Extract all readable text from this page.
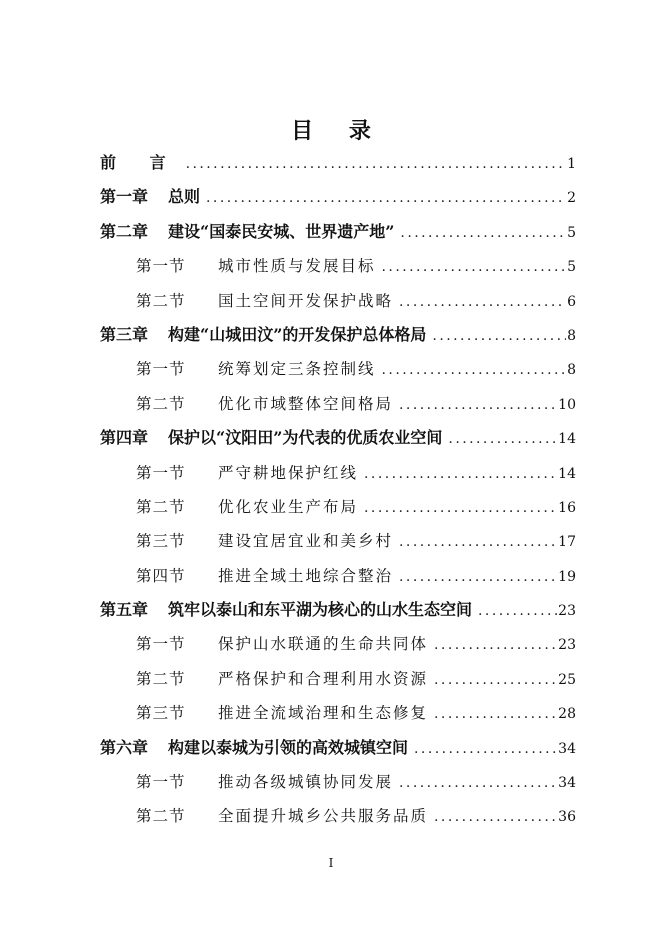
目 录
前 言 . . .	1
第一章	总则 . . .	2
第二章	建设“国泰民安城、世界遗产地” . . .	5
第一节	城市性质与发展目标 . . .	5
第二节	国土空间开发保护战略 . . .	6
第三章	构建“山城田汶”的开发保护总体格局 . . .	8
第一节	统筹划定三条控制线 . . .	8
第二节	优化市域整体空间格局 . . .	10
第四章	保护以“汶阳田”为代表的优质农业空间 . . .	14
第一节	严守耕地保护红线 . . .	14
第二节	优化农业生产布局 . . .	16
第三节	建设宜居宜业和美乡村 . . .	17
第四节	推进全域土地综合整治 . . .	19
第五章	筑牢以泰山和东平湖为核心的山水生态空间 . . .	23
第一节	保护山水联通的生命共同体 . . .	23
第二节	严格保护和合理利用水资源 . . .	25
第三节	推进全流域治理和生态修复 . . .	28
第六章	构建以泰城为引领的高效城镇空间 . . .	34
第一节	推动各级城镇协同发展 . . .	34
第二节	全面提升城乡公共服务品质 . . .	36
I
